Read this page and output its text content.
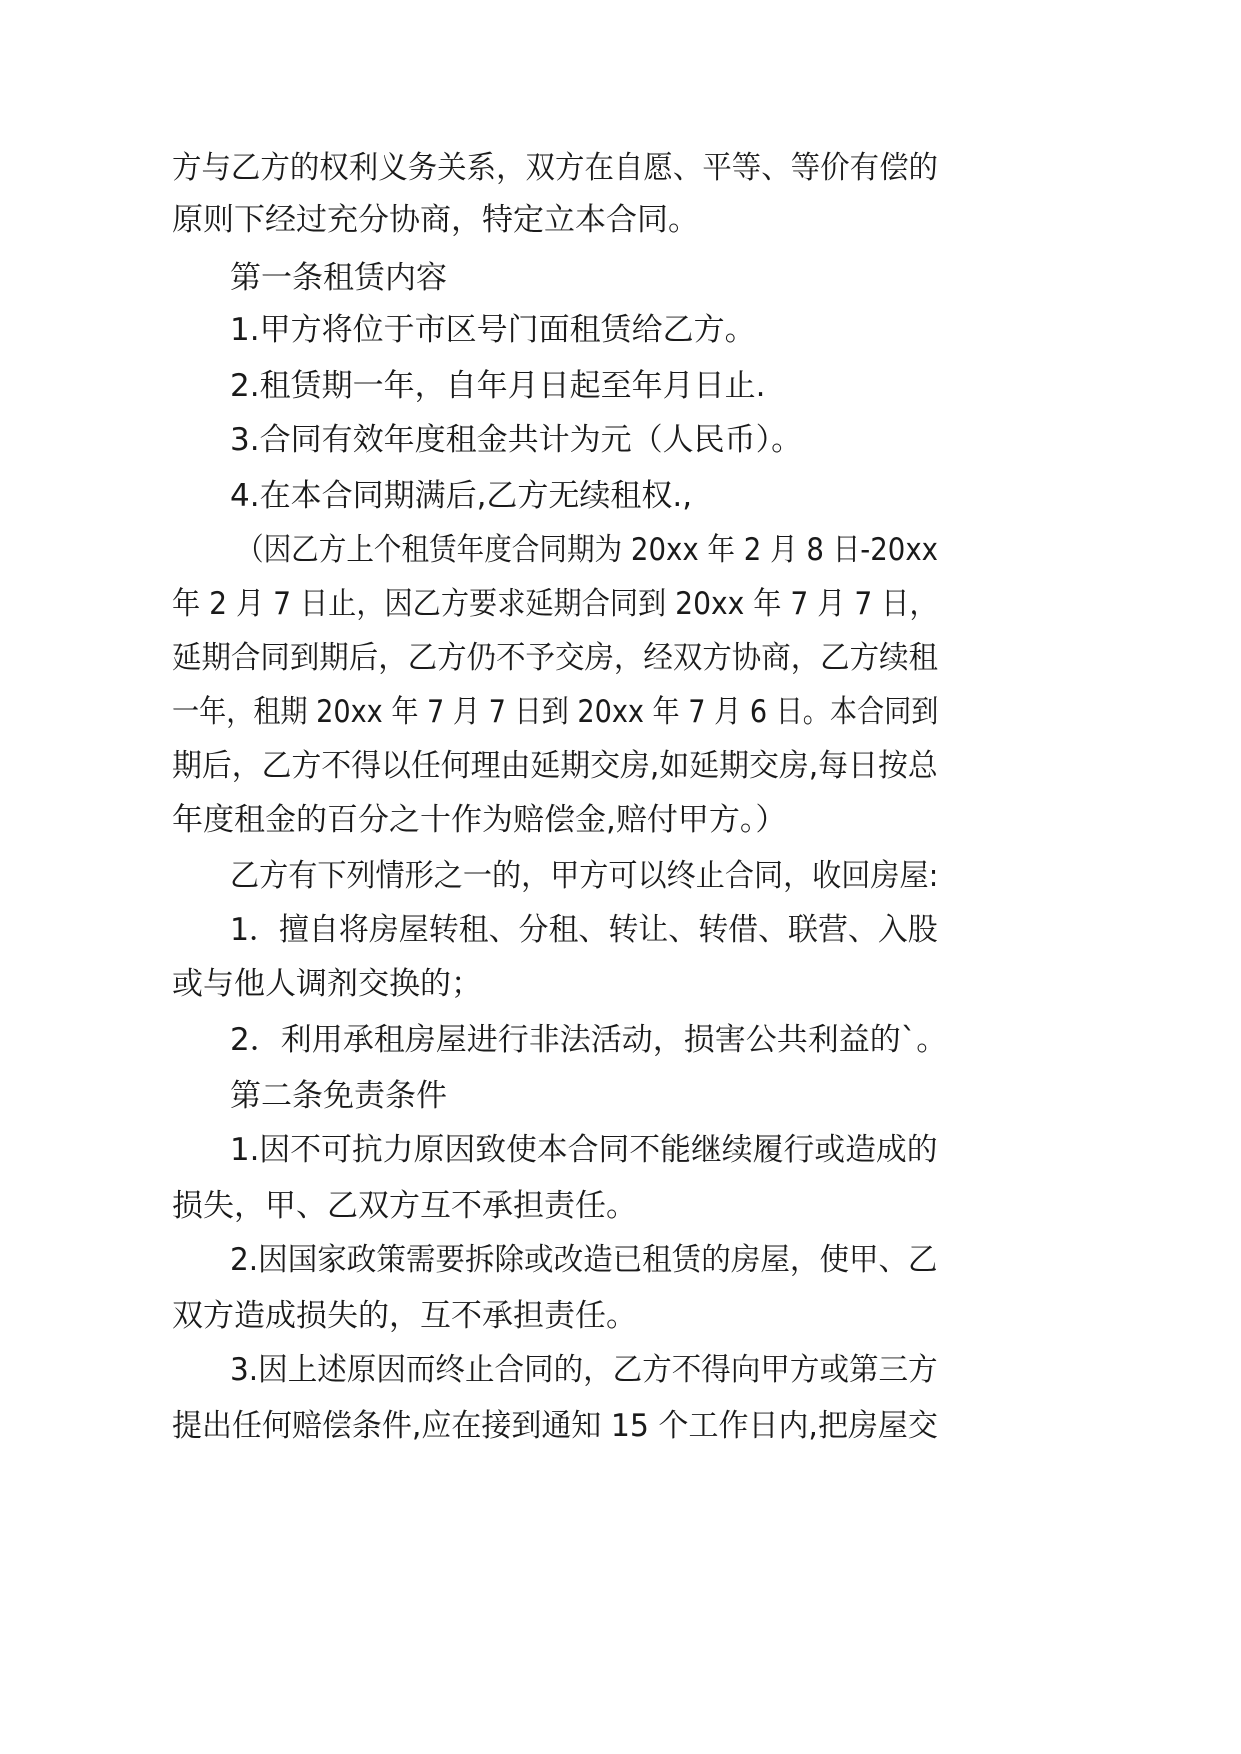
方与乙方的权利义务关系，双方在自愿、平等、等价有偿的

原则下经过充分协商，特定立本合同。

第一条租赁内容

1.甲方将位于市区号门面租赁给乙方。

2.租赁期一年，自年月日起至年月日止.

3.合同有效年度租金共计为元（人民币）。

4.在本合同期满后,乙方无续租权.,

（因乙方上个租赁年度合同期为 20xx 年 2 月 8 日-20xx

年 2 月 7 日止，因乙方要求延期合同到 20xx 年 7 月 7 日，

延期合同到期后，乙方仍不予交房，经双方协商，乙方续租

一年，租期 20xx 年 7 月 7 日到 20xx 年 7 月 6 日。本合同到

期后，乙方不得以任何理由延期交房,如延期交房,每日按总

年度租金的百分之十作为赔偿金,赔付甲方。）

乙方有下列情形之一的，甲方可以终止合同，收回房屋:

1．擅自将房屋转租、分租、转让、转借、联营、入股

或与他人调剂交换的；

2．利用承租房屋进行非法活动，损害公共利益的`。

第二条免责条件

1.因不可抗力原因致使本合同不能继续履行或造成的

损失，甲、乙双方互不承担责任。

2.因国家政策需要拆除或改造已租赁的房屋，使甲、乙

双方造成损失的，互不承担责任。

3.因上述原因而终止合同的，乙方不得向甲方或第三方

提出任何赔偿条件,应在接到通知 15 个工作日内,把房屋交
